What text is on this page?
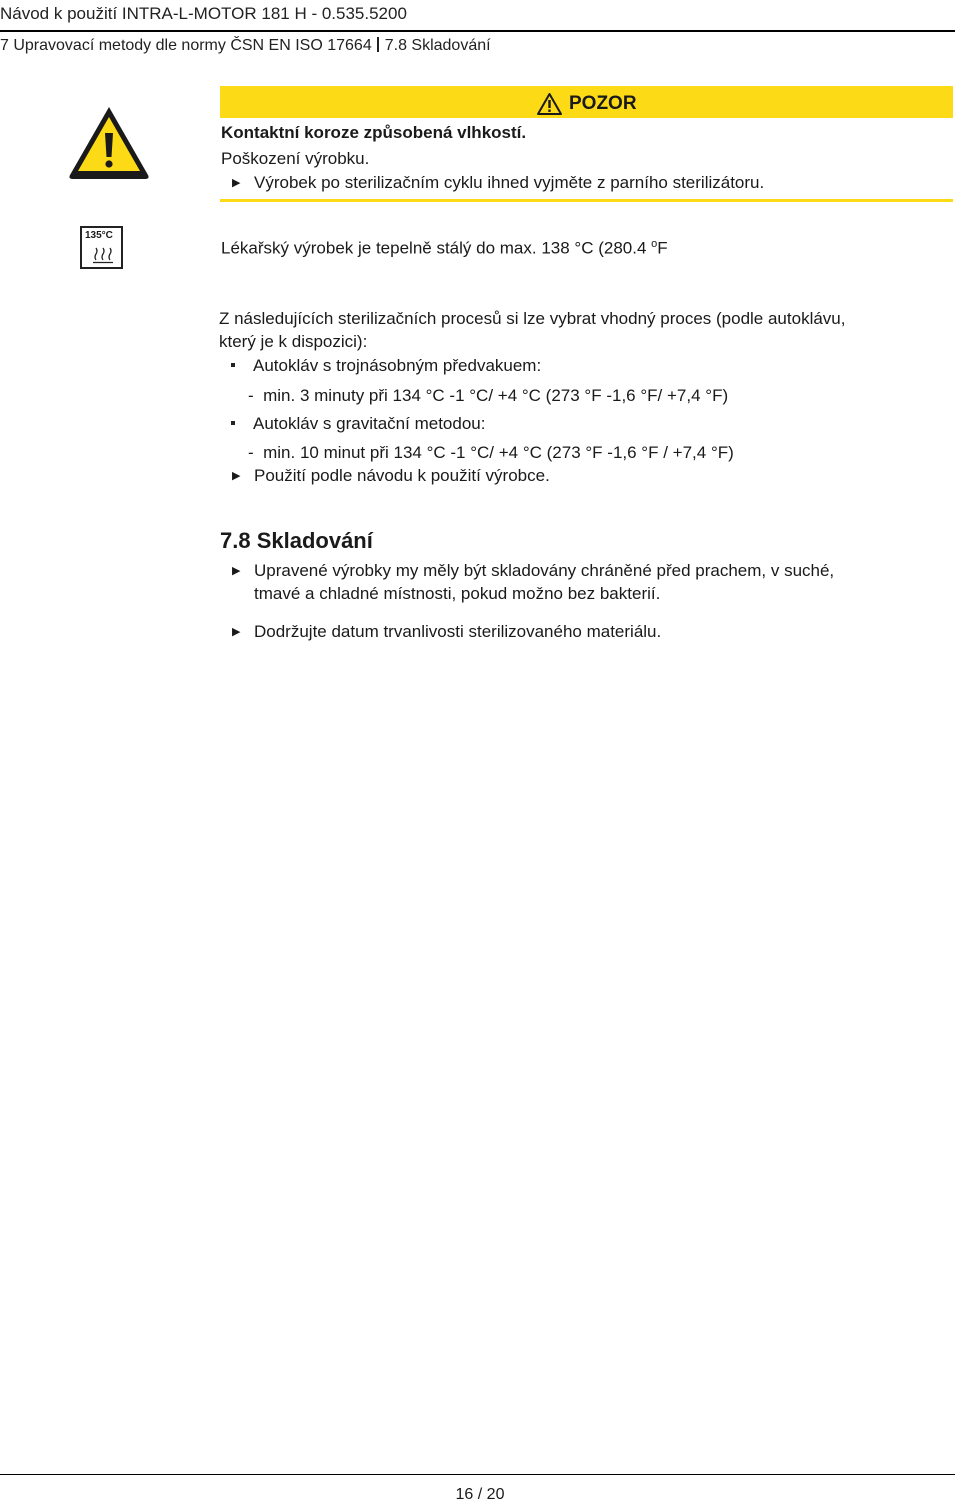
Návod k použití INTRA-L-MOTOR 181 H - 0.535.5200
7 Upravovací metody dle normy ČSN EN ISO 17664 7.8 Skladování
POZOR
Kontaktní koroze způsobená vlhkostí.
Poškození výrobku.
▶ Výrobek po sterilizačním cyklu ihned vyjměte z parního sterilizátoru.
135°C
Lékařský výrobek je tepelně stálý do max. 138 °C (280.4 $^o$F
Z následujících sterilizačních procesů si lze vybrat vhodný proces (podle autoklávu,
který je k dispozici):
Autokláv s trojnásobným předvakuem:
-  min. 3 minuty při 134 °C -1 °C/ +4 °C (273 °F -1,6 °F/ +7,4 °F)
Autokláv s gravitační metodou:
-  min. 10 minut při 134 °C -1 °C/ +4 °C (273 °F -1,6 °F / +7,4 °F)
▶ Použití podle návodu k použití výrobce.
7.8 Skladování
▶ Upravené výrobky my měly být skladovány chráněné před prachem, v suché,
tmavé a chladné místnosti, pokud možno bez bakterií.
▶ Dodržujte datum trvanlivosti sterilizovaného materiálu.
16 / 20
